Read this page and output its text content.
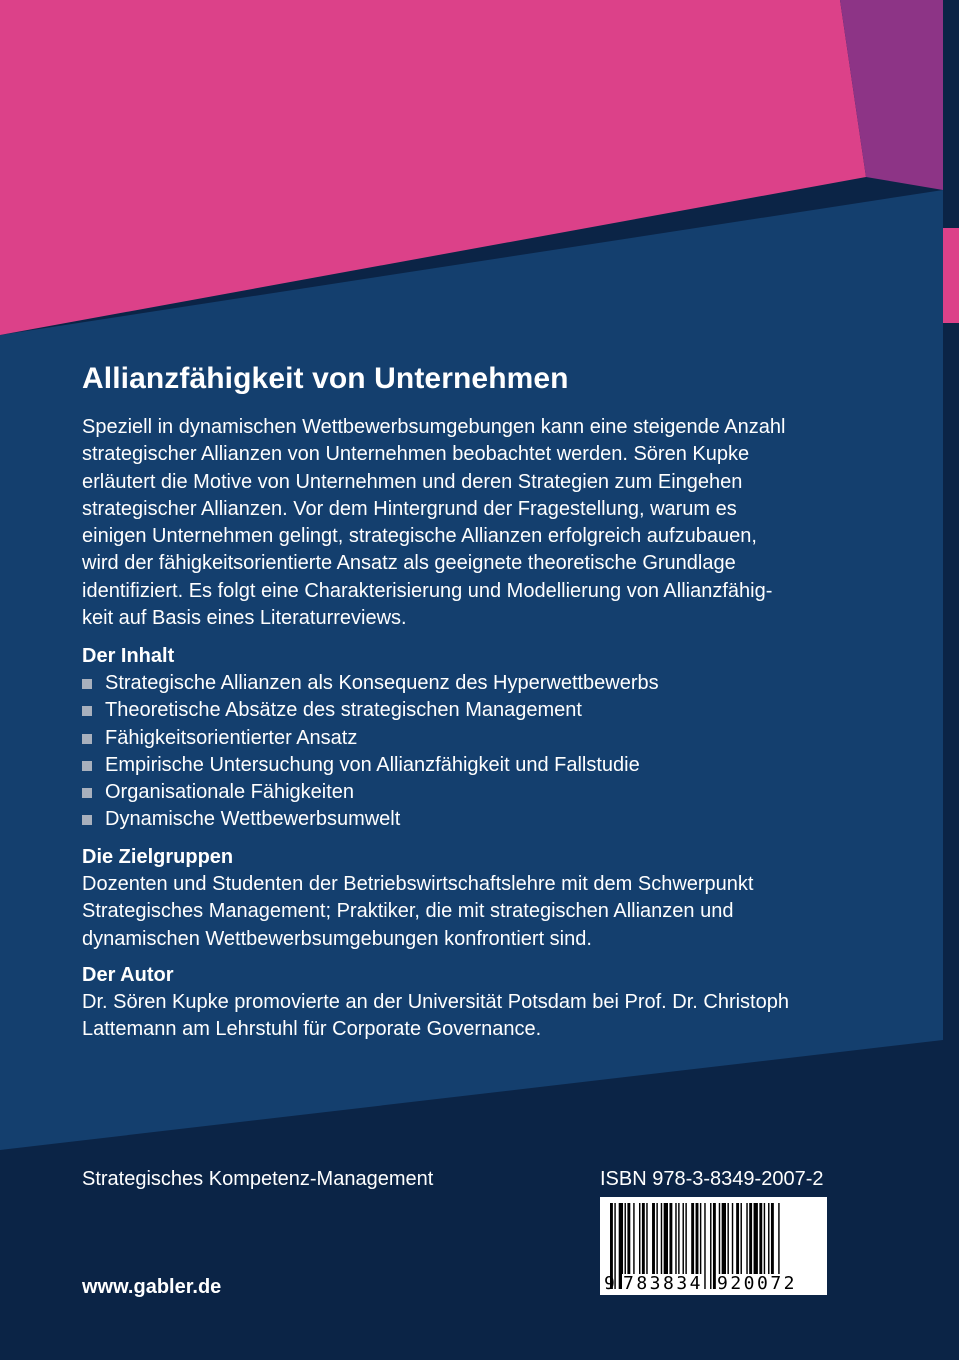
Allianzfähigkeit von Unternehmen
Speziell in dynamischen Wettbewerbsumgebungen kann eine steigende Anzahl
strategischer Allianzen von Unternehmen beobachtet werden. Sören Kupke
erläutert die Motive von Unternehmen und deren Strategien zum Eingehen
strategischer Allianzen. Vor dem Hintergrund der Fragestellung, warum es
einigen Unternehmen gelingt, strategische Allianzen erfolgreich aufzubauen,
wird der fähigkeitsorientierte Ansatz als geeignete theoretische Grundlage
identifiziert. Es folgt eine Charakterisierung und Modellierung von Allianzfähig-
keit auf Basis eines Literaturreviews.
Der Inhalt
Strategische Allianzen als Konsequenz des Hyperwettbewerbs
Theoretische Absätze des strategischen Management
Fähigkeitsorientierter Ansatz
Empirische Untersuchung von Allianzfähigkeit und Fallstudie
Organisationale Fähigkeiten
Dynamische Wettbewerbsumwelt
Die Zielgruppen
Dozenten und Studenten der Betriebswirtschaftslehre mit dem Schwerpunkt
Strategisches Management; Praktiker, die mit strategischen Allianzen und
dynamischen Wettbewerbsumgebungen konfrontiert sind.
Der Autor
Dr. Sören Kupke promovierte an der Universität Potsdam bei Prof. Dr. Christoph
Lattemann am Lehrstuhl für Corporate Governance.
Strategisches Kompetenz-Management
www.gabler.de
ISBN 978-3-8349-2007-2
9 783834 920072
